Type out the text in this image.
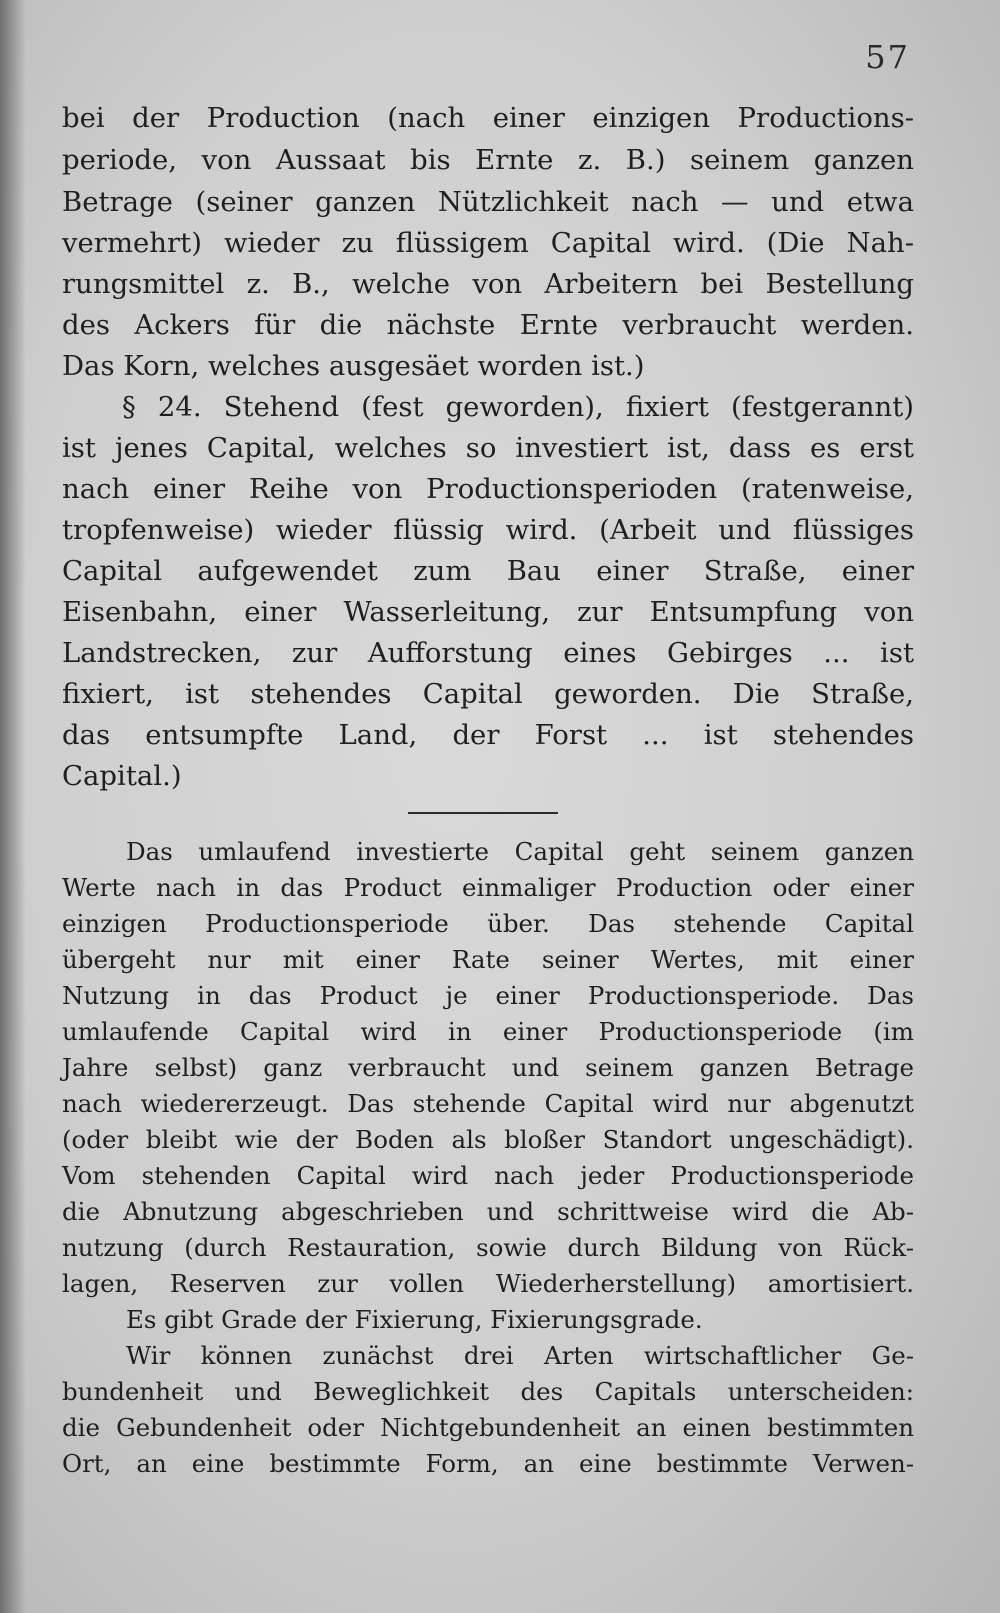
57
bei der Production (nach einer einzigen Productions-
periode, von Aussaat bis Ernte z. B.) seinem ganzen
Betrage (seiner ganzen Nützlichkeit nach — und etwa
vermehrt) wieder zu flüssigem Capital wird. (Die Nah-
rungsmittel z. B., welche von Arbeitern bei Bestellung
des Ackers für die nächste Ernte verbraucht werden.
Das Korn, welches ausgesäet worden ist.)
§ 24. Stehend (fest geworden), fixiert (festgerannt)
ist jenes Capital, welches so investiert ist, dass es erst
nach einer Reihe von Productionsperioden (ratenweise,
tropfenweise) wieder flüssig wird. (Arbeit und flüssiges
Capital aufgewendet zum Bau einer Straße, einer
Eisenbahn, einer Wasserleitung, zur Entsumpfung von
Landstrecken, zur Aufforstung eines Gebirges ... ist
fixiert, ist stehendes Capital geworden. Die Straße,
das entsumpfte Land, der Forst ... ist stehendes
Capital.)
Das umlaufend investierte Capital geht seinem ganzen
Werte nach in das Product einmaliger Production oder einer
einzigen Productionsperiode über. Das stehende Capital
übergeht nur mit einer Rate seiner Wertes, mit einer
Nutzung in das Product je einer Productionsperiode. Das
umlaufende Capital wird in einer Productionsperiode (im
Jahre selbst) ganz verbraucht und seinem ganzen Betrage
nach wiedererzeugt. Das stehende Capital wird nur abgenutzt
(oder bleibt wie der Boden als bloßer Standort ungeschädigt).
Vom stehenden Capital wird nach jeder Productionsperiode
die Abnutzung abgeschrieben und schrittweise wird die Ab-
nutzung (durch Restauration, sowie durch Bildung von Rück-
lagen, Reserven zur vollen Wiederherstellung) amortisiert.
Es gibt Grade der Fixierung, Fixierungsgrade.
Wir können zunächst drei Arten wirtschaftlicher Ge-
bundenheit und Beweglichkeit des Capitals unterscheiden:
die Gebundenheit oder Nichtgebundenheit an einen bestimmten
Ort, an eine bestimmte Form, an eine bestimmte Verwen-
